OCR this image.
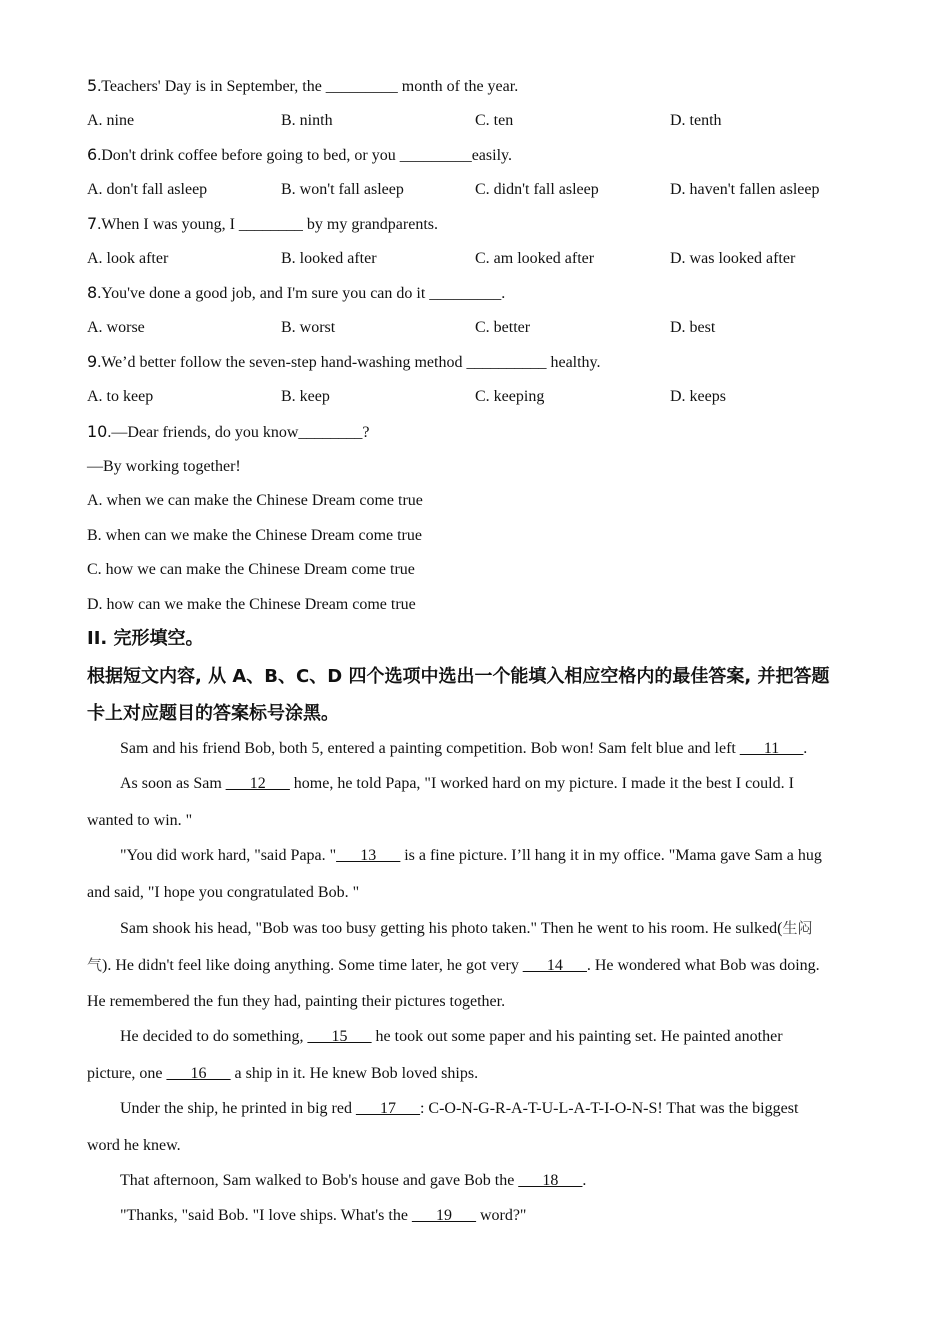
5.Teachers' Day is in September, the _________ month of the year.
A. nine	B. ninth	C. ten	D. tenth
6.Don't drink coffee before going to bed, or you _________easily.
A. don't fall asleep	B. won't fall asleep	C. didn't fall asleep	D. haven't fallen asleep
7.When I was young, I ________ by my grandparents.
A. look after	B. looked after	C. am looked after	D. was looked after
8.You've done a good job, and I'm sure you can do it _________.
A. worse	B. worst	C. better	D. best
9.We’d better follow the seven-step hand-washing method __________ healthy.
A. to keep	B. keep	C. keeping	D. keeps
10.—Dear friends, do you know________?
—By working together!
A. when we can make the Chinese Dream come true
B. when can we make the Chinese Dream come true
C. how we can make the Chinese Dream come true
D. how can we make the Chinese Dream come true
II. 完形填空。
根据短文内容, 从 A、B、C、D 四个选项中选出一个能填入相应空格内的最佳答案, 并把答题
卡上对应题目的答案标号涂黑。
Sam and his friend Bob, both 5, entered a painting competition. Bob won! Sam felt blue and left ___11___.
As soon as Sam ___12___ home, he told Papa, "I worked hard on my picture. I made it the best I could. I
wanted to win. "
"You did work hard, "said Papa. "___13___ is a fine picture. I’ll hang it in my office. "Mama gave Sam a hug
and said, "I hope you congratulated Bob. "
Sam shook his head, "Bob was too busy getting his photo taken." Then he went to his room. He sulked(生闷
气). He didn't feel like doing anything. Some time later, he got very ___14___. He wondered what Bob was doing.
He remembered the fun they had, painting their pictures together.
He decided to do something, ___15___ he took out some paper and his painting set. He painted another
picture, one ___16___ a ship in it. He knew Bob loved ships.
Under the ship, he printed in big red ___17___: C-O-N-G-R-A-T-U-L-A-T-I-O-N-S! That was the biggest
word he knew.
That afternoon, Sam walked to Bob's house and gave Bob the ___18___.
"Thanks, "said Bob. "I love ships. What's the ___19___ word?"
